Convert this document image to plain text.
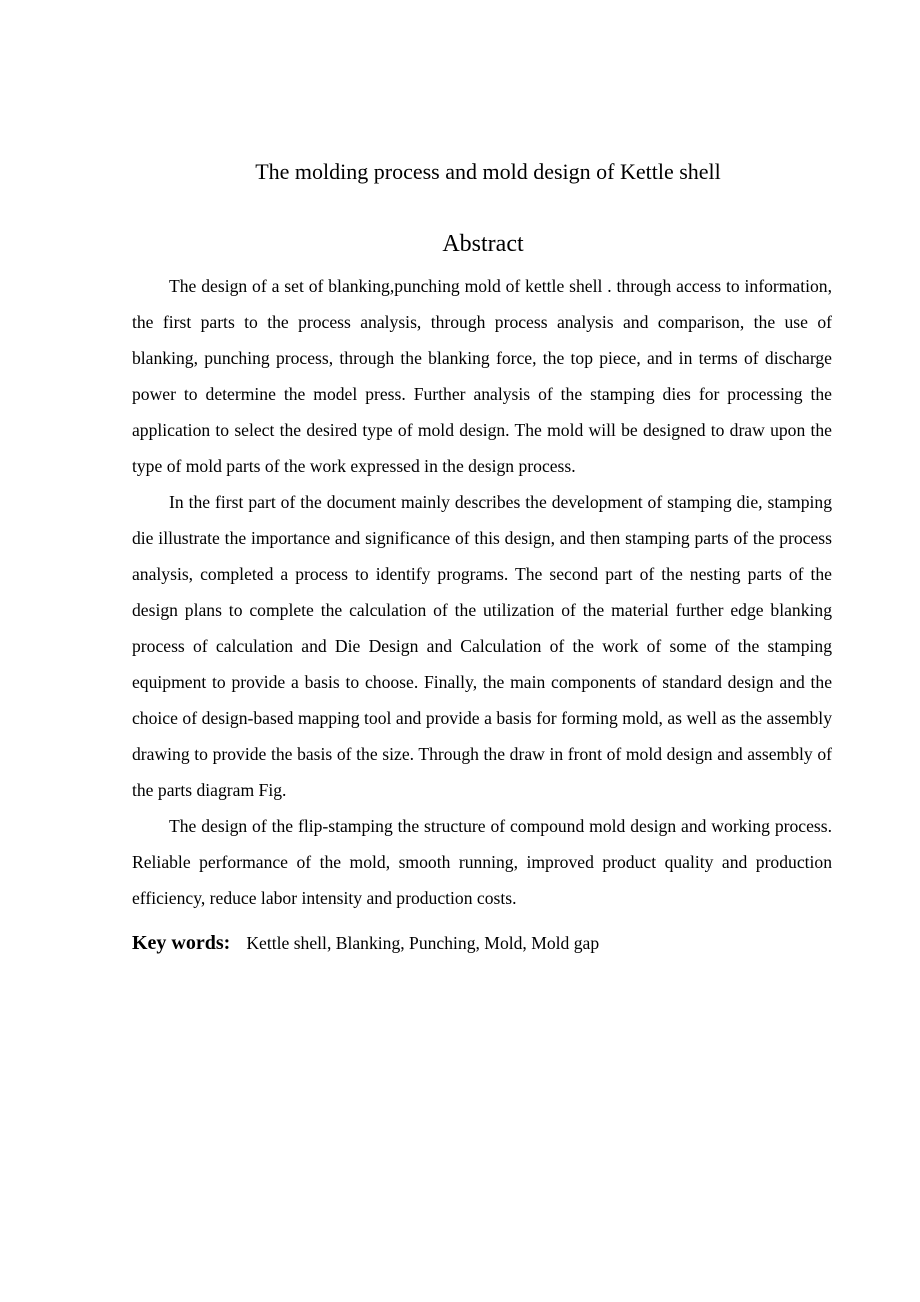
The molding process and mold design of Kettle shell
Abstract

The design of a set of blanking,punching mold of kettle shell . through access to information, the first parts to the process analysis, through process analysis and comparison, the use of blanking, punching process, through the blanking force, the top piece, and in terms of discharge power to determine the model press. Further analysis of the stamping dies for processing the application to select the desired type of mold design. The mold will be designed to draw upon the type of mold parts of the work expressed in the design process.

In the first part of the document mainly describes the development of stamping die, stamping die illustrate the importance and significance of this design, and then stamping parts of the process analysis, completed a process to identify programs. The second part of the nesting parts of the design plans to complete the calculation of the utilization of the material further edge blanking process of calculation and Die Design and Calculation of the work of some of the stamping equipment to provide a basis to choose. Finally, the main components of standard design and the choice of design-based mapping tool and provide a basis for forming mold, as well as the assembly drawing to provide the basis of the size. Through the draw in front of mold design and assembly of the parts diagram Fig.

The design of the flip-stamping the structure of compound mold design and working process. Reliable performance of the mold, smooth running, improved product quality and production efficiency, reduce labor intensity and production costs.

Key words: Kettle shell, Blanking, Punching, Mold, Mold gap
